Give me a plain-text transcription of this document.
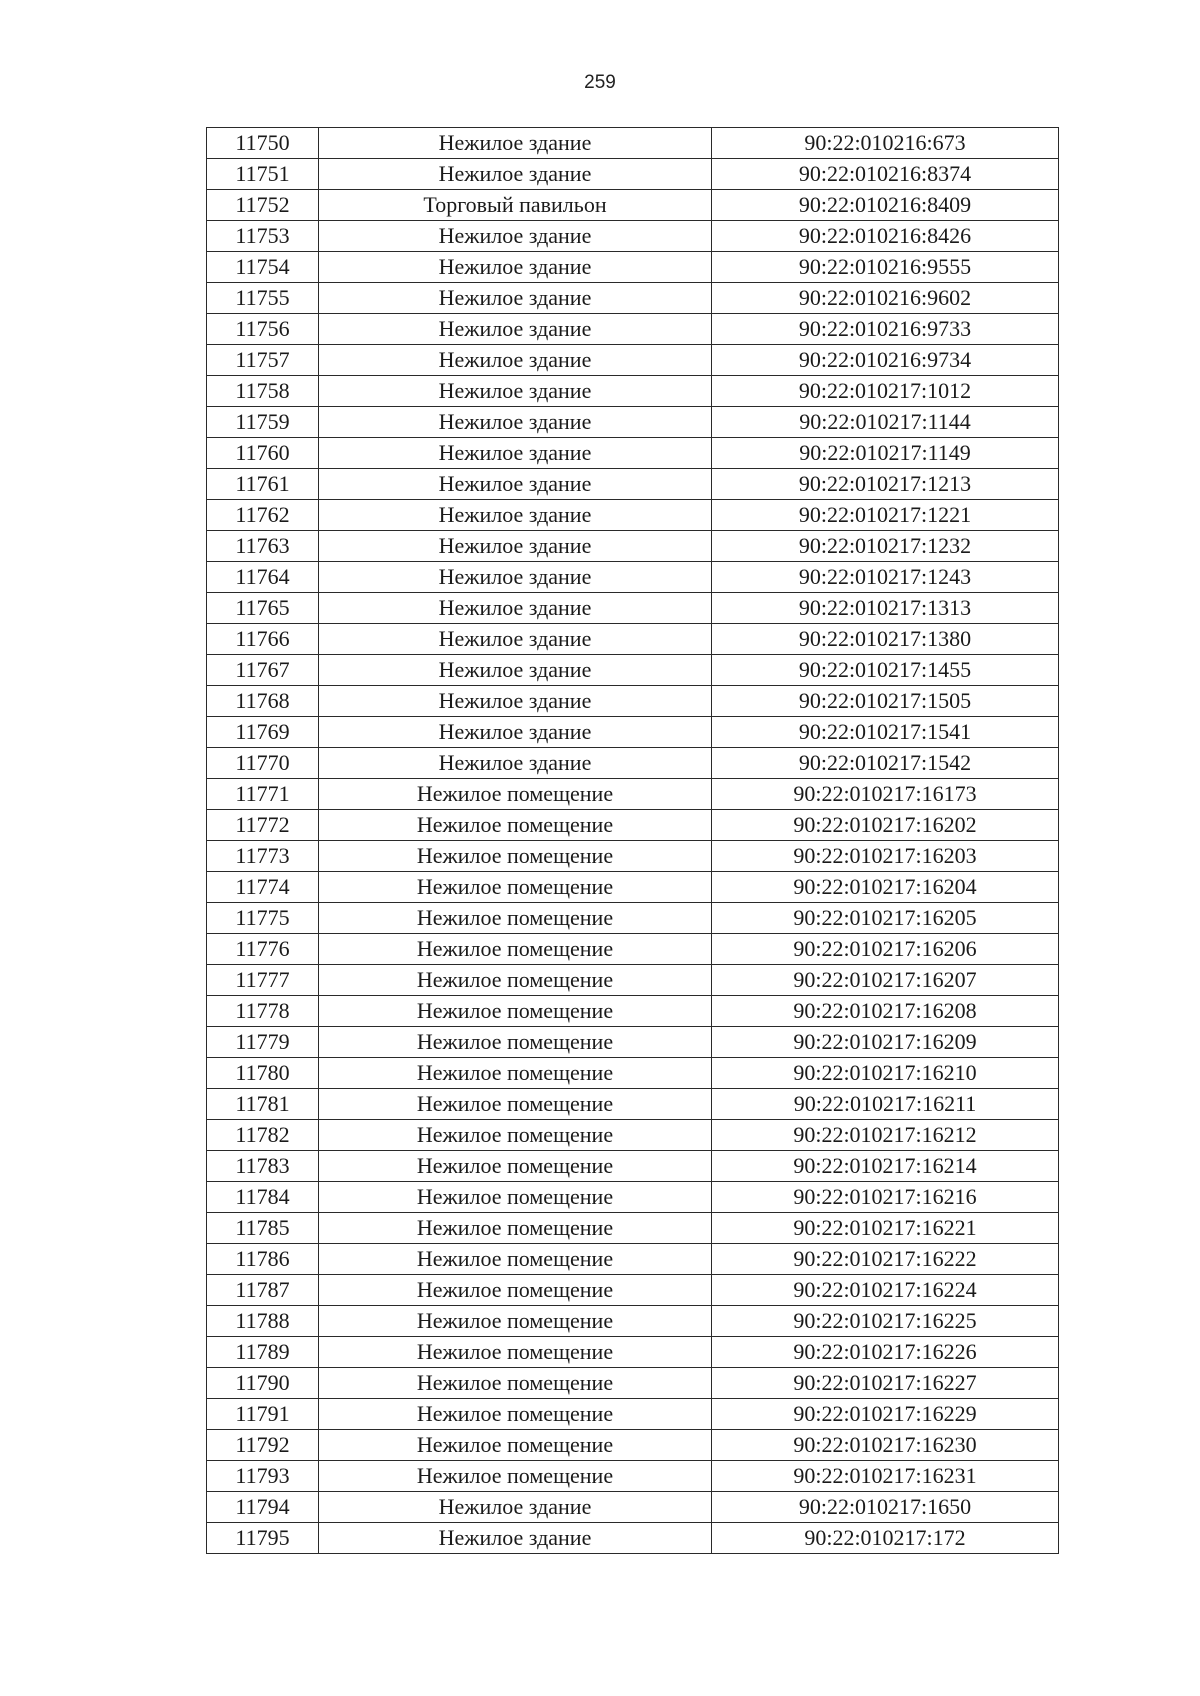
259
11750	Нежилое здание	90:22:010216:673
11751	Нежилое здание	90:22:010216:8374
11752	Торговый павильон	90:22:010216:8409
11753	Нежилое здание	90:22:010216:8426
11754	Нежилое здание	90:22:010216:9555
11755	Нежилое здание	90:22:010216:9602
11756	Нежилое здание	90:22:010216:9733
11757	Нежилое здание	90:22:010216:9734
11758	Нежилое здание	90:22:010217:1012
11759	Нежилое здание	90:22:010217:1144
11760	Нежилое здание	90:22:010217:1149
11761	Нежилое здание	90:22:010217:1213
11762	Нежилое здание	90:22:010217:1221
11763	Нежилое здание	90:22:010217:1232
11764	Нежилое здание	90:22:010217:1243
11765	Нежилое здание	90:22:010217:1313
11766	Нежилое здание	90:22:010217:1380
11767	Нежилое здание	90:22:010217:1455
11768	Нежилое здание	90:22:010217:1505
11769	Нежилое здание	90:22:010217:1541
11770	Нежилое здание	90:22:010217:1542
11771	Нежилое помещение	90:22:010217:16173
11772	Нежилое помещение	90:22:010217:16202
11773	Нежилое помещение	90:22:010217:16203
11774	Нежилое помещение	90:22:010217:16204
11775	Нежилое помещение	90:22:010217:16205
11776	Нежилое помещение	90:22:010217:16206
11777	Нежилое помещение	90:22:010217:16207
11778	Нежилое помещение	90:22:010217:16208
11779	Нежилое помещение	90:22:010217:16209
11780	Нежилое помещение	90:22:010217:16210
11781	Нежилое помещение	90:22:010217:16211
11782	Нежилое помещение	90:22:010217:16212
11783	Нежилое помещение	90:22:010217:16214
11784	Нежилое помещение	90:22:010217:16216
11785	Нежилое помещение	90:22:010217:16221
11786	Нежилое помещение	90:22:010217:16222
11787	Нежилое помещение	90:22:010217:16224
11788	Нежилое помещение	90:22:010217:16225
11789	Нежилое помещение	90:22:010217:16226
11790	Нежилое помещение	90:22:010217:16227
11791	Нежилое помещение	90:22:010217:16229
11792	Нежилое помещение	90:22:010217:16230
11793	Нежилое помещение	90:22:010217:16231
11794	Нежилое здание	90:22:010217:1650
11795	Нежилое здание	90:22:010217:172
